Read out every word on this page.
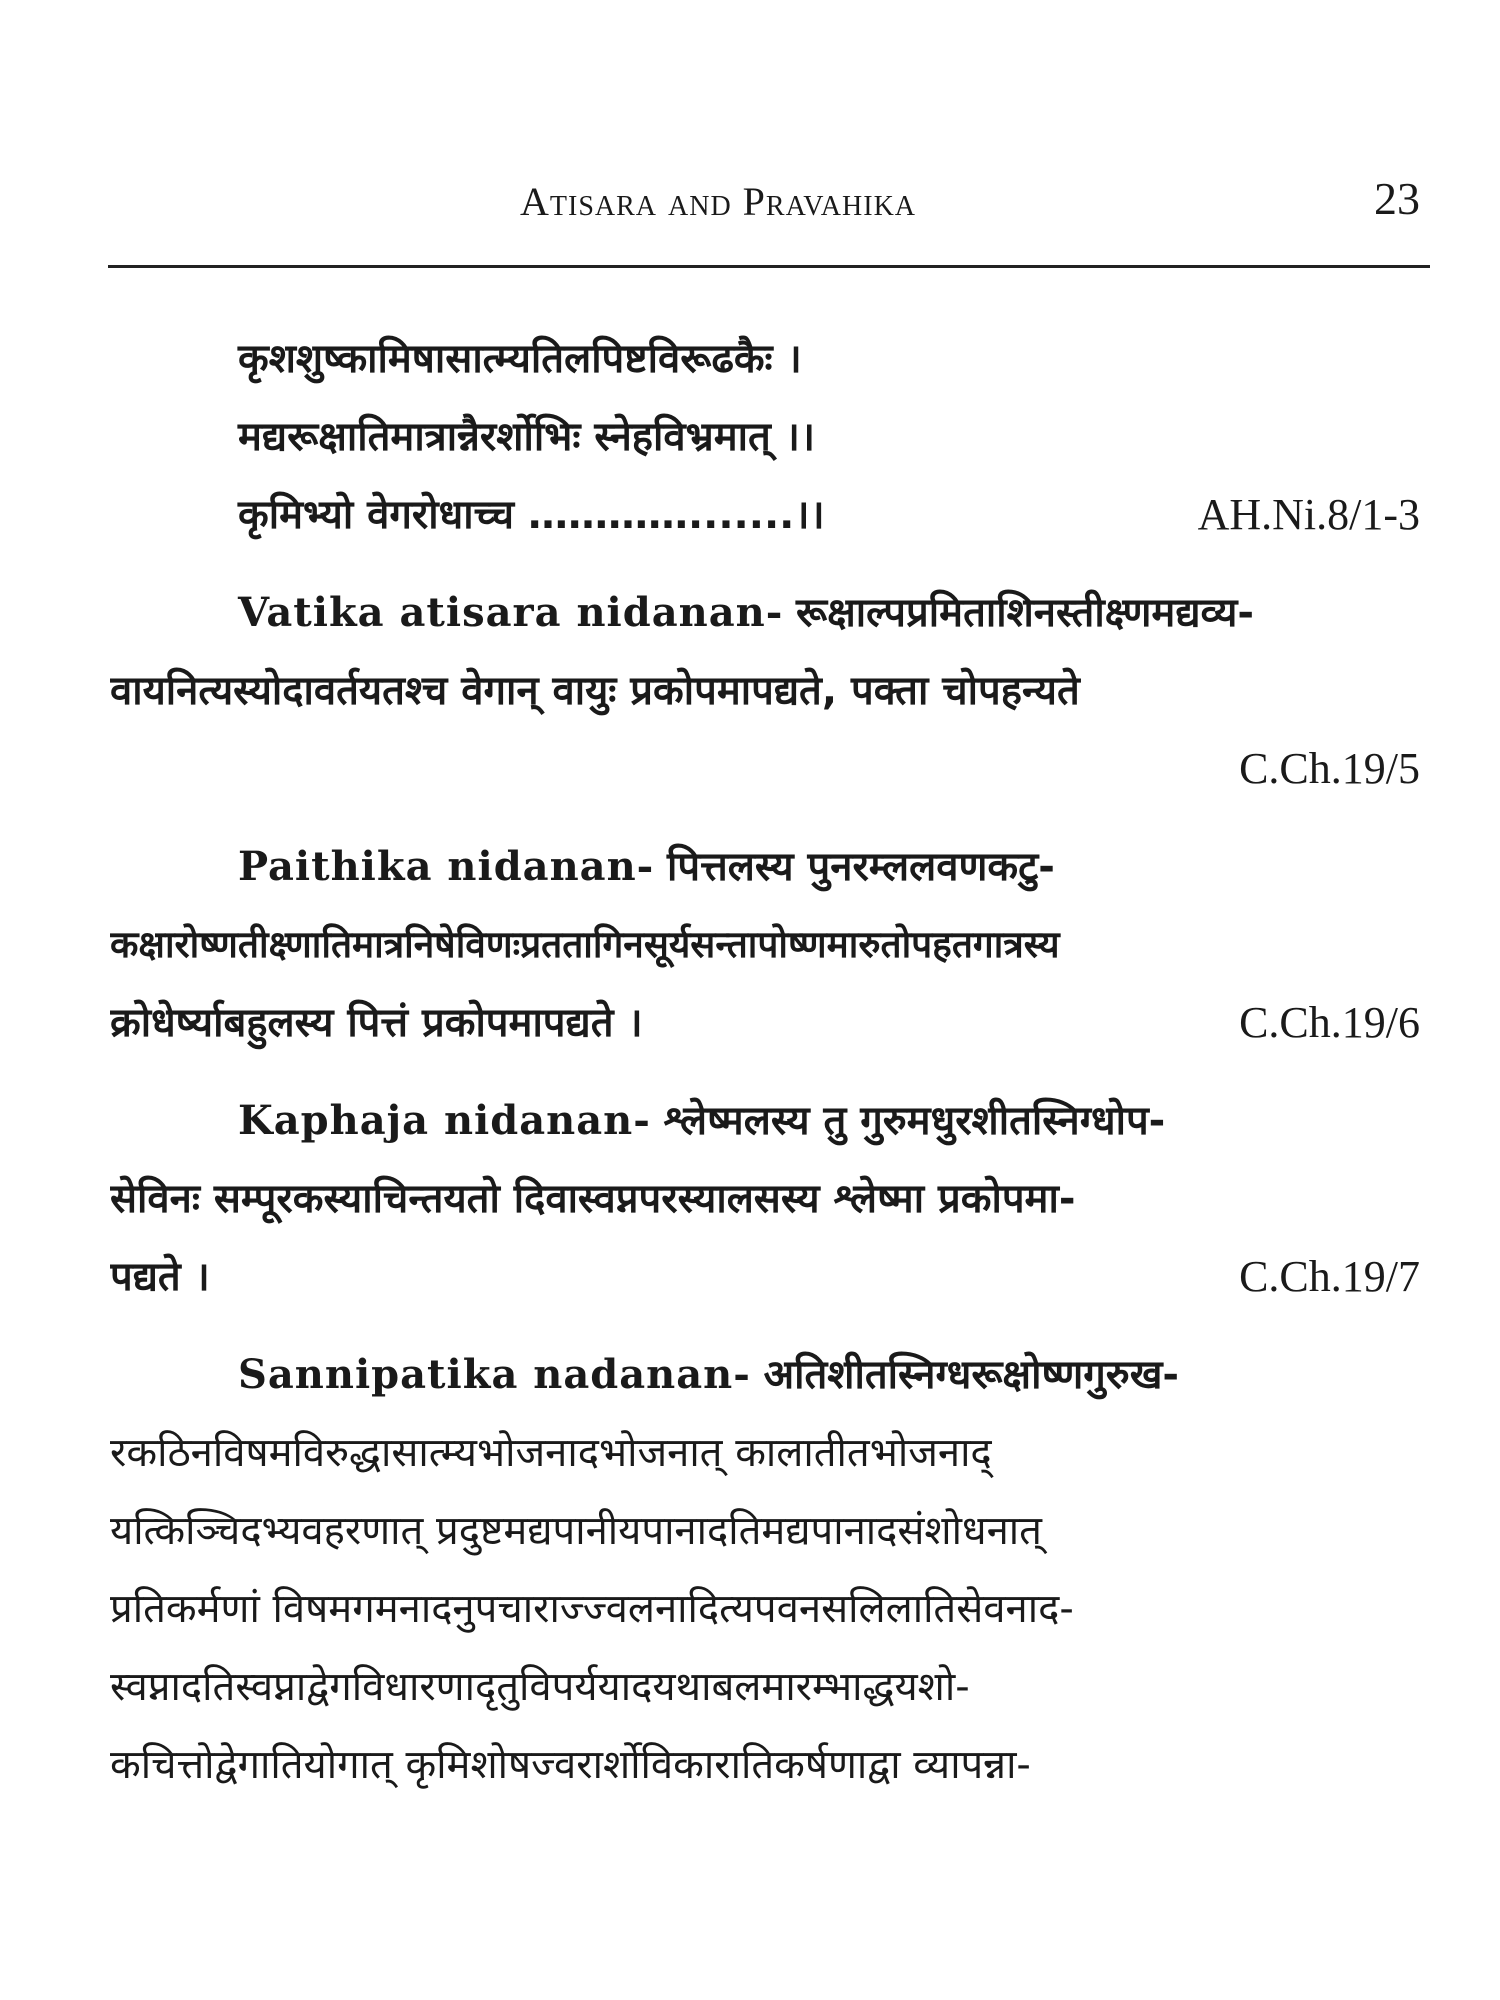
Atisara and Pravahika	23
कृशशुष्कामिषासात्म्यतिलपिष्टविरूढकैः ।
मद्यरूक्षातिमात्रान्नैरर्शोभिः स्नेहविभ्रमात् ।।
कृमिभ्यो वेगरोधाच्च ………….......।।	AH.Ni.8/1-3
Vatika atisara nidanan- रूक्षाल्पप्रमिताशिनस्तीक्ष्णमद्यव्य-
वायनित्यस्योदावर्तयतश्च वेगान् वायुः प्रकोपमापद्यते, पक्ता चोपहन्यते
C.Ch.19/5
Paithika nidanan- पित्तलस्य पुनरम्ललवणकटु-
कक्षारोष्णतीक्ष्णातिमात्रनिषेविणःप्रततागिनसूर्यसन्तापोष्णमारुतोपहतगात्रस्य
क्रोधेर्ष्याबहुलस्य पित्तं प्रकोपमापद्यते ।	C.Ch.19/6
Kaphaja nidanan- श्लेष्मलस्य तु गुरुमधुरशीतस्निग्धोप-
सेविनः सम्पूरकस्याचिन्तयतो दिवास्वप्नपरस्यालसस्य श्लेष्मा प्रकोपमा-
पद्यते ।	C.Ch.19/7
Sannipatika nadanan- अतिशीतस्निग्धरूक्षोष्णगुरुख-
रकठिनविषमविरुद्धासात्म्यभोजनादभोजनात् कालातीतभोजनाद्
यत्किञ्चिदभ्यवहरणात् प्रदुष्टमद्यपानीयपानादतिमद्यपानादसंशोधनात्
प्रतिकर्मणां विषमगमनादनुपचाराज्ज्वलनादित्यपवनसलिलातिसेवनाद-
स्वप्नादतिस्वप्नाद्वेगविधारणादृतुविपर्ययादयथाबलमारम्भाद्धयशो-
कचित्तोद्वेगातियोगात् कृमिशोषज्वरार्शोविकारातिकर्षणाद्वा व्यापन्ना-
